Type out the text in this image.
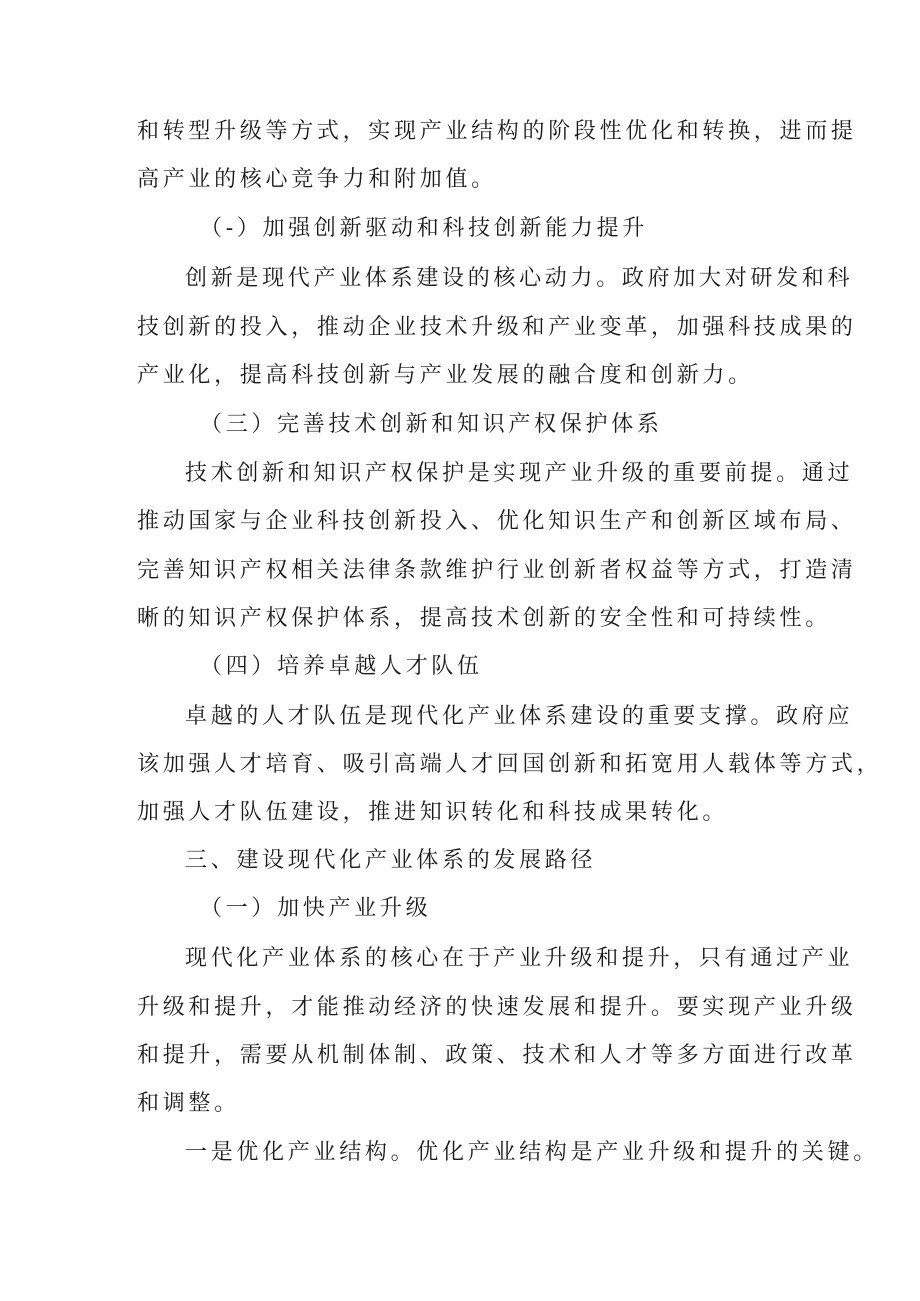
和转型升级等方式，实现产业结构的阶段性优化和转换，进而提

高产业的核心竞争力和附加值。

（-）加强创新驱动和科技创新能力提升

创新是现代产业体系建设的核心动力。政府加大对研发和科

技创新的投入，推动企业技术升级和产业变革，加强科技成果的

产业化，提高科技创新与产业发展的融合度和创新力。

（三）完善技术创新和知识产权保护体系

技术创新和知识产权保护是实现产业升级的重要前提。通过

推动国家与企业科技创新投入、优化知识生产和创新区域布局、

完善知识产权相关法律条款维护行业创新者权益等方式，打造清

晰的知识产权保护体系，提高技术创新的安全性和可持续性。

（四）培养卓越人才队伍

卓越的人才队伍是现代化产业体系建设的重要支撑。政府应

该加强人才培育、吸引高端人才回国创新和拓宽用人载体等方式，

加强人才队伍建设，推进知识转化和科技成果转化。

三、建设现代化产业体系的发展路径

（一）加快产业升级

现代化产业体系的核心在于产业升级和提升，只有通过产业

升级和提升，才能推动经济的快速发展和提升。要实现产业升级

和提升，需要从机制体制、政策、技术和人才等多方面进行改革

和调整。

一是优化产业结构。优化产业结构是产业升级和提升的关键。
